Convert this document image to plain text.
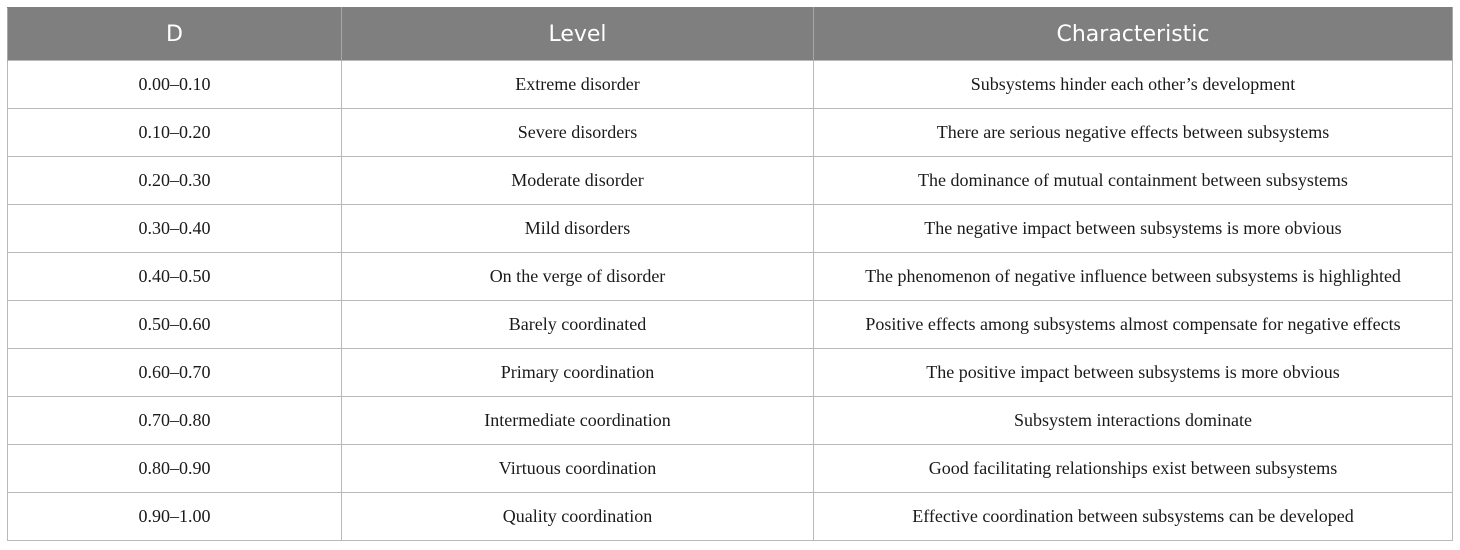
D	Level	Characteristic
0.00–0.10	Extreme disorder	Subsystems hinder each other’s development
0.10–0.20	Severe disorders	There are serious negative effects between subsystems
0.20–0.30	Moderate disorder	The dominance of mutual containment between subsystems
0.30–0.40	Mild disorders	The negative impact between subsystems is more obvious
0.40–0.50	On the verge of disorder	The phenomenon of negative influence between subsystems is highlighted
0.50–0.60	Barely coordinated	Positive effects among subsystems almost compensate for negative effects
0.60–0.70	Primary coordination	The positive impact between subsystems is more obvious
0.70–0.80	Intermediate coordination	Subsystem interactions dominate
0.80–0.90	Virtuous coordination	Good facilitating relationships exist between subsystems
0.90–1.00	Quality coordination	Effective coordination between subsystems can be developed
